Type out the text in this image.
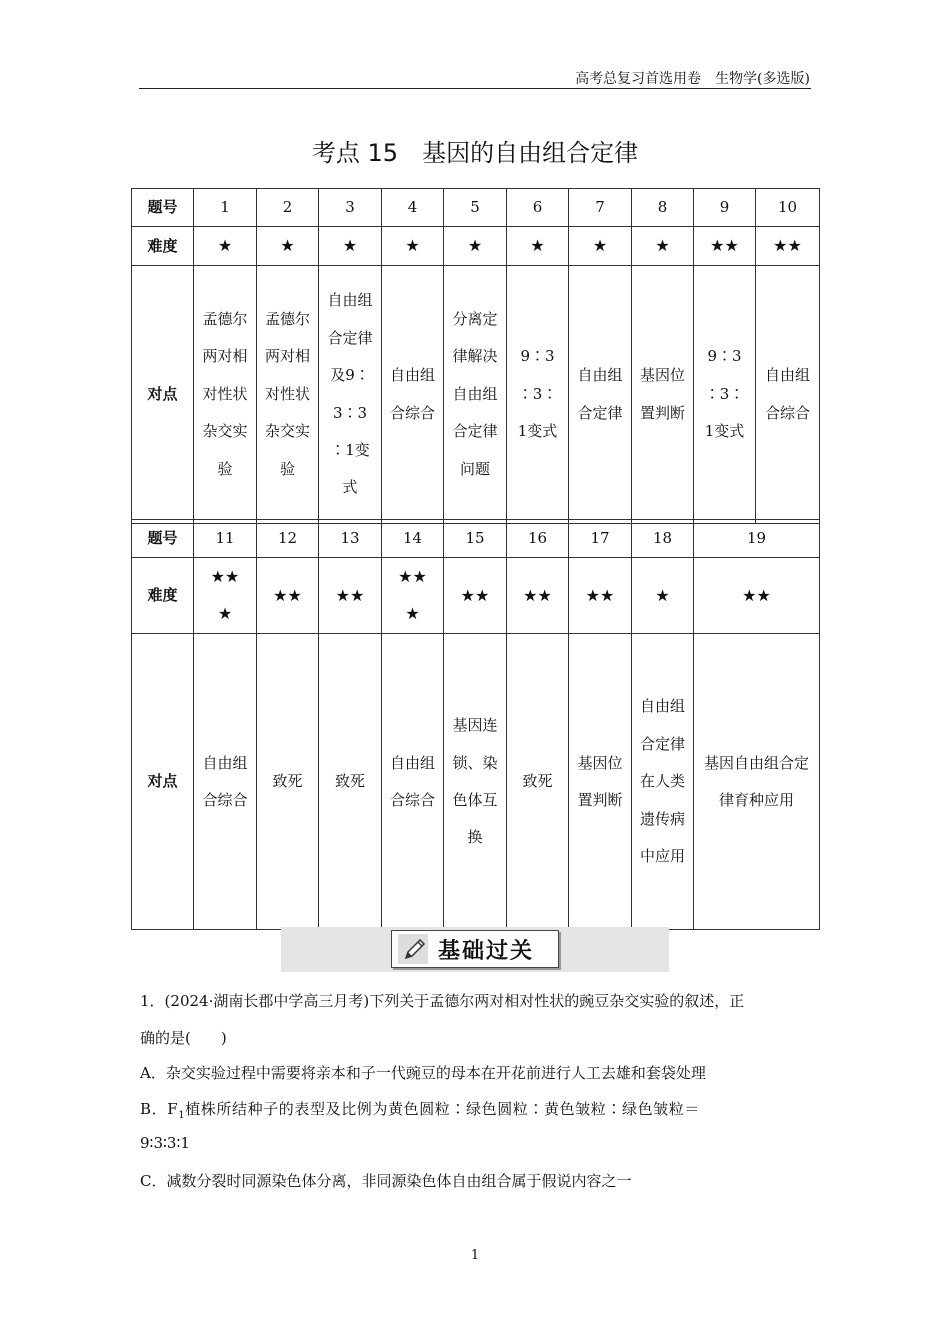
高考总复习首选用卷　生物学(多选版)
考点 15　基因的自由组合定律
题号	1	2	3	4	5	6	7	8	9	10
难度	★	★	★	★	★	★	★	★	★★	★★
对点	孟德尔两对相对性状杂交实验	孟德尔两对相对性状杂交实验	自由组合定律及9∶3∶3∶1变式	自由组合综合	分离定律解决自由组合定律问题	9∶3∶3∶1变式	自由组合定律	基因位置判断	9∶3∶3∶1变式	自由组合综合
题号	11	12	13	14	15	16	17	18	19
难度	★★★	★★	★★	★★★	★★	★★	★★	★	★★
对点	自由组合综合	致死	致死	自由组合综合	基因连锁、染色体互换	致死	基因位置判断	自由组合定律在人类遗传病中应用	基因自由组合定律育种应用
基础过关
1．(2024·湖南长郡中学高三月考)下列关于孟德尔两对相对性状的豌豆杂交实验的叙述，正
确的是(　　)
A．杂交实验过程中需要将亲本和子一代豌豆的母本在开花前进行人工去雄和套袋处理
B．$F_1$植株所结种子的表型及比例为黄色圆粒∶绿色圆粒∶黄色皱粒∶绿色皱粒＝
9∶3∶3∶1
C．减数分裂时同源染色体分离，非同源染色体自由组合属于假说内容之一
1
